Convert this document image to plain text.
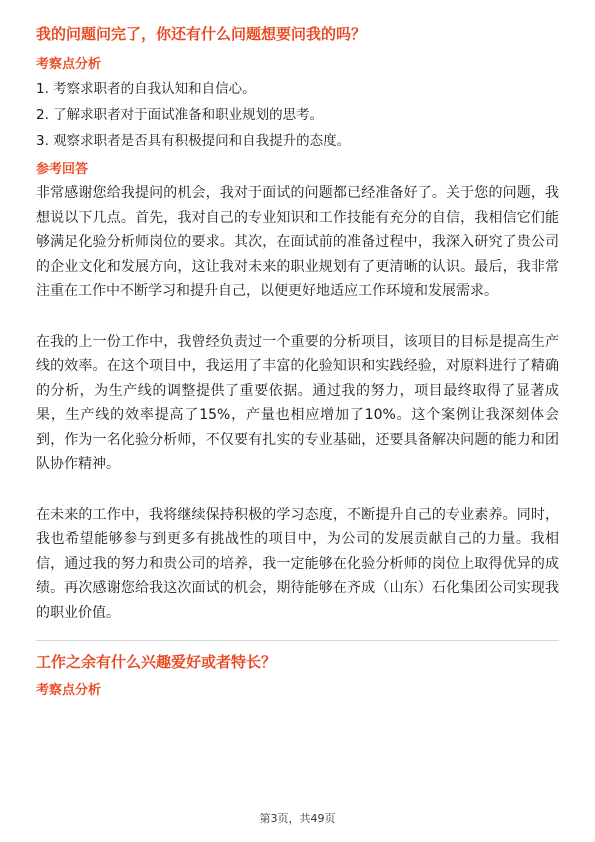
我的问题问完了，你还有什么问题想要问我的吗？
考察点分析
1. 考察求职者的自我认知和自信心。
2. 了解求职者对于面试准备和职业规划的思考。
3. 观察求职者是否具有积极提问和自我提升的态度。
参考回答

非常感谢您给我提问的机会，我对于面试的问题都已经准备好了。关于您的问题，我想说以下几点。首先，我对自己的专业知识和工作技能有充分的自信，我相信它们能够满足化验分析师岗位的要求。其次，在面试前的准备过程中，我深入研究了贵公司的企业文化和发展方向，这让我对未来的职业规划有了更清晰的认识。最后，我非常注重在工作中不断学习和提升自己，以便更好地适应工作环境和发展需求。

在我的上一份工作中，我曾经负责过一个重要的分析项目，该项目的目标是提高生产线的效率。在这个项目中，我运用了丰富的化验知识和实践经验，对原料进行了精确的分析，为生产线的调整提供了重要依据。通过我的努力，项目最终取得了显著成果，生产线的效率提高了15%，产量也相应增加了10%。这个案例让我深刻体会到，作为一名化验分析师，不仅要有扎实的专业基础，还要具备解决问题的能力和团队协作精神。

在未来的工作中，我将继续保持积极的学习态度，不断提升自己的专业素养。同时，我也希望能够参与到更多有挑战性的项目中，为公司的发展贡献自己的力量。我相信，通过我的努力和贵公司的培养，我一定能够在化验分析师的岗位上取得优异的成绩。再次感谢您给我这次面试的机会，期待能够在齐成（山东）石化集团公司实现我的职业价值。

工作之余有什么兴趣爱好或者特长？
考察点分析
第3页，共49页
